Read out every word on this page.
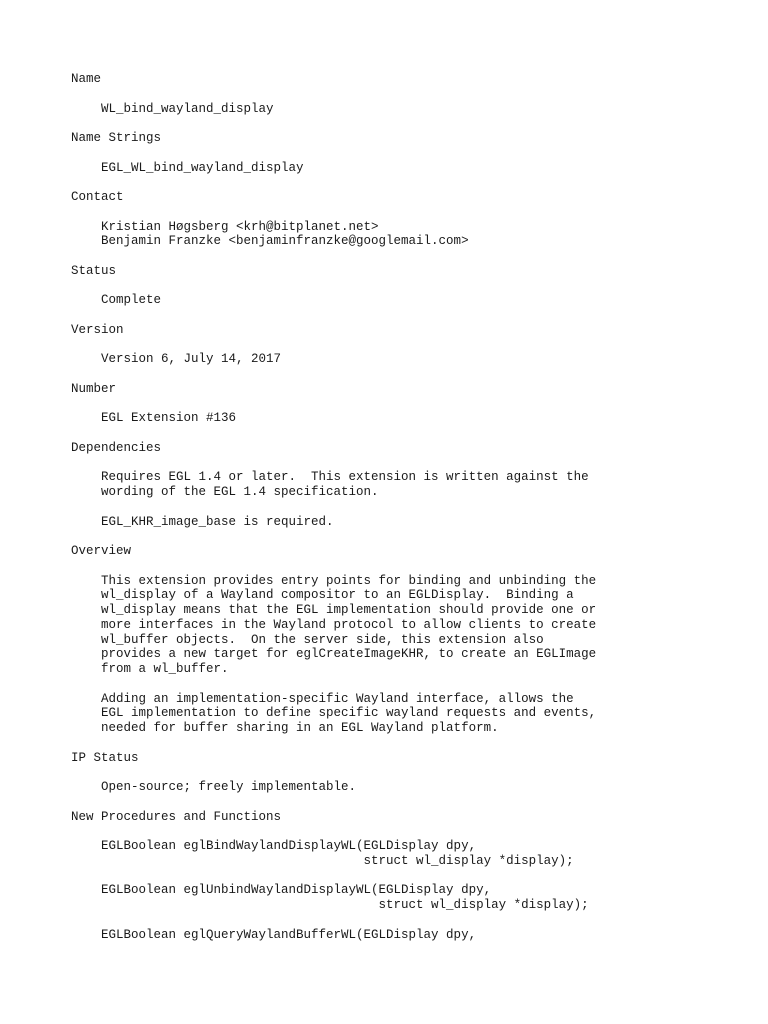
Name

WL_bind_wayland_display

Name Strings

EGL_WL_bind_wayland_display

Contact

Kristian Høgsberg <krh@bitplanet.net>
Benjamin Franzke <benjaminfranzke@googlemail.com>

Status

Complete

Version

Version 6, July 14, 2017

Number

EGL Extension #136

Dependencies

Requires EGL 1.4 or later.  This extension is written against the
wording of the EGL 1.4 specification.

EGL_KHR_image_base is required.

Overview

This extension provides entry points for binding and unbinding the
wl_display of a Wayland compositor to an EGLDisplay.  Binding a
wl_display means that the EGL implementation should provide one or
more interfaces in the Wayland protocol to allow clients to create
wl_buffer objects.  On the server side, this extension also
provides a new target for eglCreateImageKHR, to create an EGLImage
from a wl_buffer.

Adding an implementation-specific Wayland interface, allows the
EGL implementation to define specific wayland requests and events,
needed for buffer sharing in an EGL Wayland platform.

IP Status

Open-source; freely implementable.

New Procedures and Functions

EGLBoolean eglBindWaylandDisplayWL(EGLDisplay dpy,
struct wl_display *display);

EGLBoolean eglUnbindWaylandDisplayWL(EGLDisplay dpy,
struct wl_display *display);

EGLBoolean eglQueryWaylandBufferWL(EGLDisplay dpy,
